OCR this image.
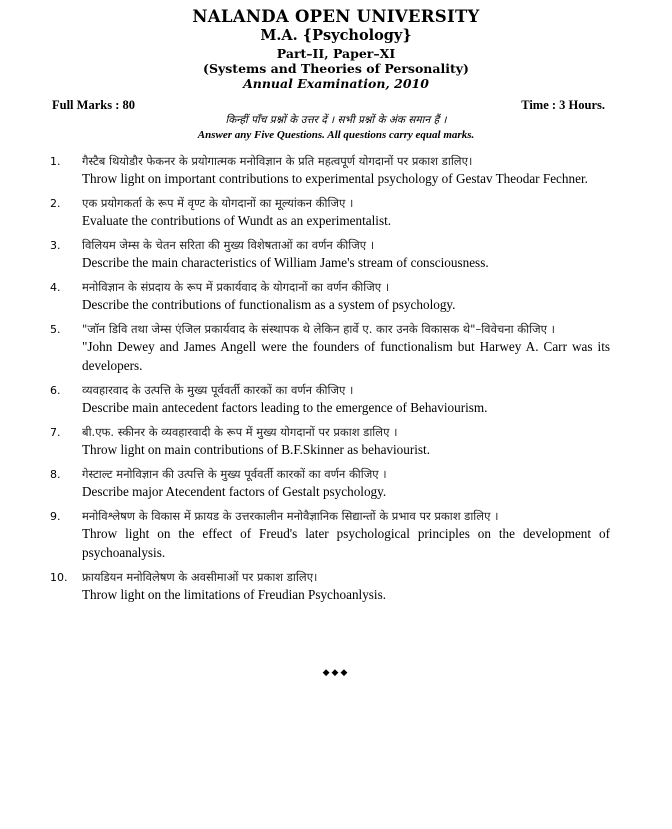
NALANDA OPEN UNIVERSITY
M.A. {Psychology}
Part–II, Paper–XI
(Systems and Theories of Personality)
Annual Examination, 2010
Full Marks : 80	Time : 3 Hours.
किन्हीं पाँच प्रश्नों के उत्तर दें । सभी प्रश्नों के अंक समान हैं ।
Answer any Five Questions. All questions carry equal marks.
1. गैस्टैब थियोडौर फेकनर के प्रयोगात्मक मनोविज्ञान के प्रति महत्वपूर्ण योगदानों पर प्रकाश डालिए।
Throw light on important contributions to experimental psychology of Gestav Theodar Fechner.
2. एक प्रयोगकर्ता के रूप में वृण्ट के योगदानों का मूल्यांकन कीजिए ।
Evaluate the contributions of Wundt as an experimentalist.
3. विलियम जेम्स के चेतन सरिता की मुख्य विशेषताओं का वर्णन कीजिए ।
Describe the main characteristics of William Jame's stream of consciousness.
4. मनोविज्ञान के संप्रदाय के रूप में प्रकार्यवाद के योगदानों का वर्णन कीजिए ।
Describe the contributions of functionalism as a system of psychology.
5. "जॉन डिवि तथा जेम्स एंजिल प्रकार्यवाद के संस्थापक थे लेकिन हार्वे ए. कार उनके विकासक थे"–विवेचना कीजिए ।
"John Dewey and James Angell were the founders of functionalism but Harwey A. Carr was its developers.
6. व्यवहारवाद के उत्पत्ति के मुख्य पूर्ववर्ती कारकों का वर्णन कीजिए ।
Describe main antecedent factors leading to the emergence of Behaviourism.
7. बी.एफ. स्कीनर के व्यवहारवादी के रूप में मुख्य योगदानों पर प्रकाश डालिए ।
Throw light on main contributions of B.F.Skinner as behaviourist.
8. गेस्टाल्ट मनोविज्ञान की उत्पत्ति के मुख्य पूर्ववर्ती कारकों का वर्णन कीजिए ।
Describe major Atecendent factors of Gestalt psychology.
9. मनोविश्लेषण के विकास में फ्रायड के उत्तरकालीन मनोवैज्ञानिक सिद्यान्तों के प्रभाव पर प्रकाश डालिए ।
Throw light on the effect of Freud's later psychological principles on the development of psychoanalysis.
10. फ्रायडियन मनोविलेषण के अवसीमाओं पर प्रकाश डालिए।
Throw light on the limitations of Freudian Psychoanlysis.
◆◆◆
